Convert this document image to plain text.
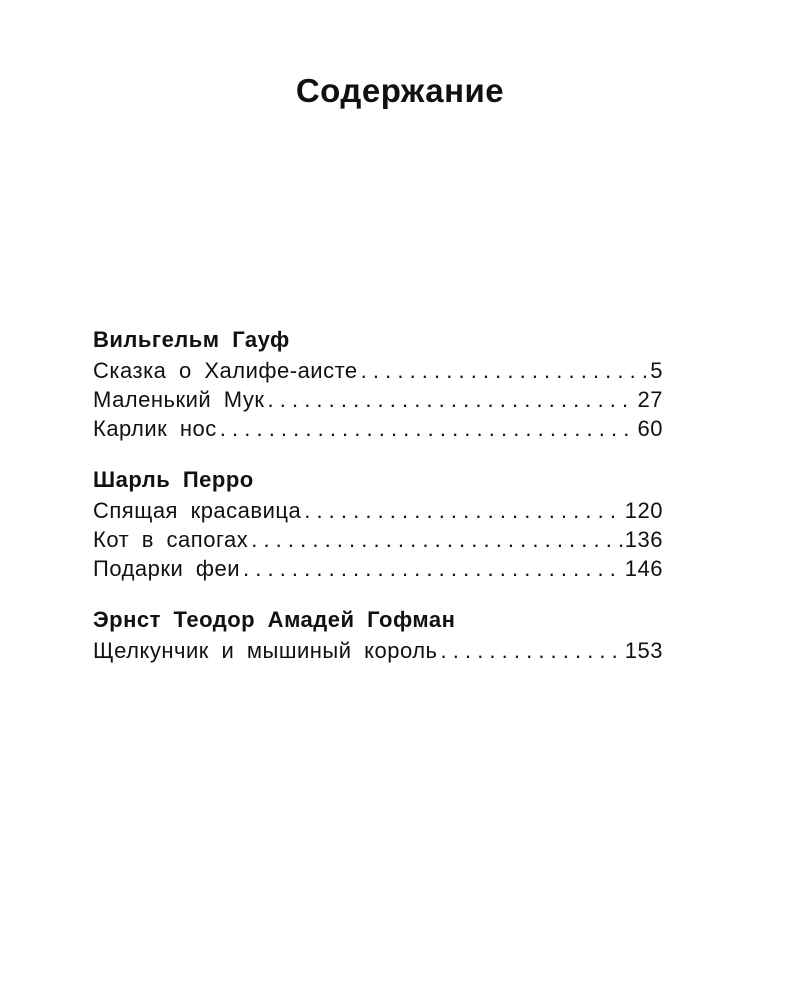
Содержание
Вильгельм Гауф
Сказка о Халифе-аисте . . .	5
Маленький Мук . . .	27
Карлик нос . . .	60
Шарль Перро
Спящая красавица . . .	120
Кот в сапогах . . .	136
Подарки феи . . .	146
Эрнст Теодор Амадей Гофман
Щелкунчик и мышиный король . . .	153
